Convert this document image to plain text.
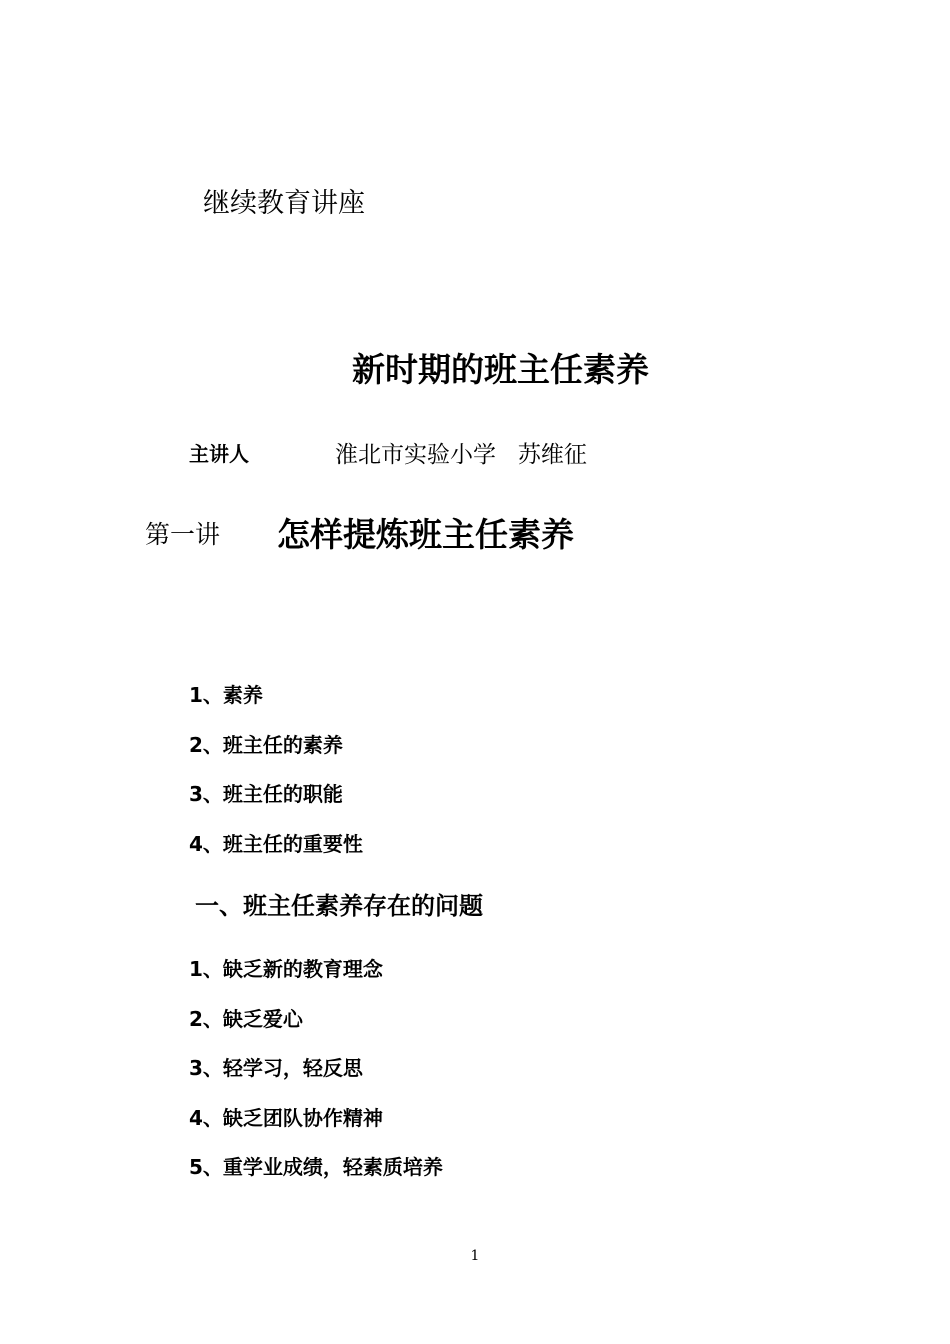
继续教育讲座
新时期的班主任素养
主讲人	淮北市实验小学   苏维征
第一讲 怎样提炼班主任素养
1、素养
2、班主任的素养
3、班主任的职能
4、班主任的重要性
一、班主任素养存在的问题
1、缺乏新的教育理念
2、缺乏爱心
3、轻学习，轻反思
4、缺乏团队协作精神
5、重学业成绩，轻素质培养
1
